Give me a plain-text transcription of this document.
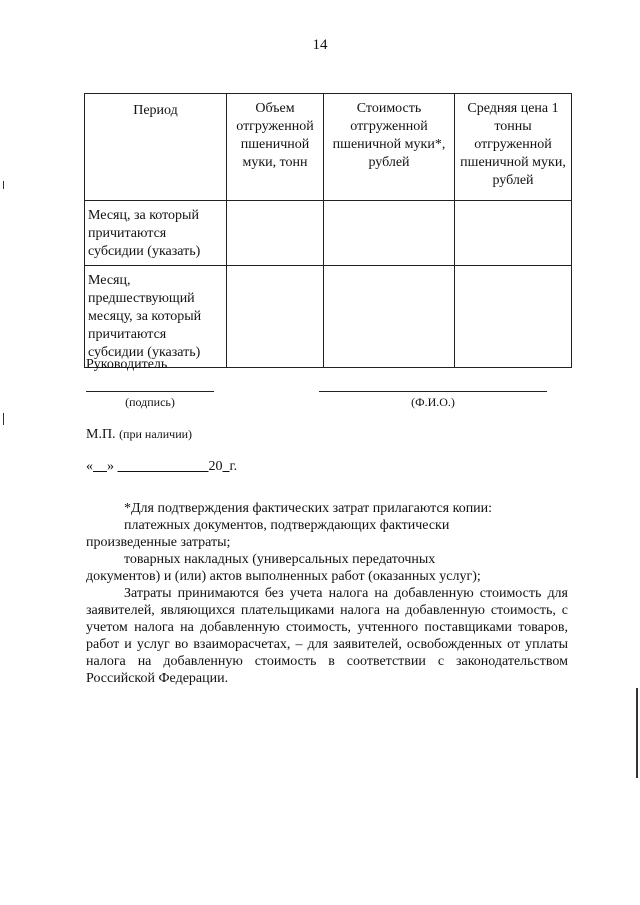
14
Период	Объем отгруженной пшеничной муки, тонн	Стоимость отгруженной пшеничной муки*, рублей	Средняя цена 1 тонны отгруженной пшеничной муки, рублей
Месяц, за который причитаются субсидии (указать)			
Месяц, предшествующий месяцу, за который причитаются субсидии (указать)			
Руководитель
(подпись)	(Ф.И.О.)
М.П. (при наличии)
« »	20 г.

*Для подтверждения фактических затрат прилагаются копии:

платежных документов, подтверждающих фактически

произведенные затраты;

товарных накладных (универсальных передаточных

документов) и (или) актов выполненных работ (оказанных услуг);

Затраты принимаются без учета налога на добавленную стоимость для заявителей, являющихся плательщиками налога на добавленную стоимость, с учетом налога на добавленную стоимость, учтенного поставщиками товаров, работ и услуг во взаиморасчетах, – для заявителей, освобожденных от уплаты налога на добавленную стоимость в соответствии с законодательством Российской Федерации.
